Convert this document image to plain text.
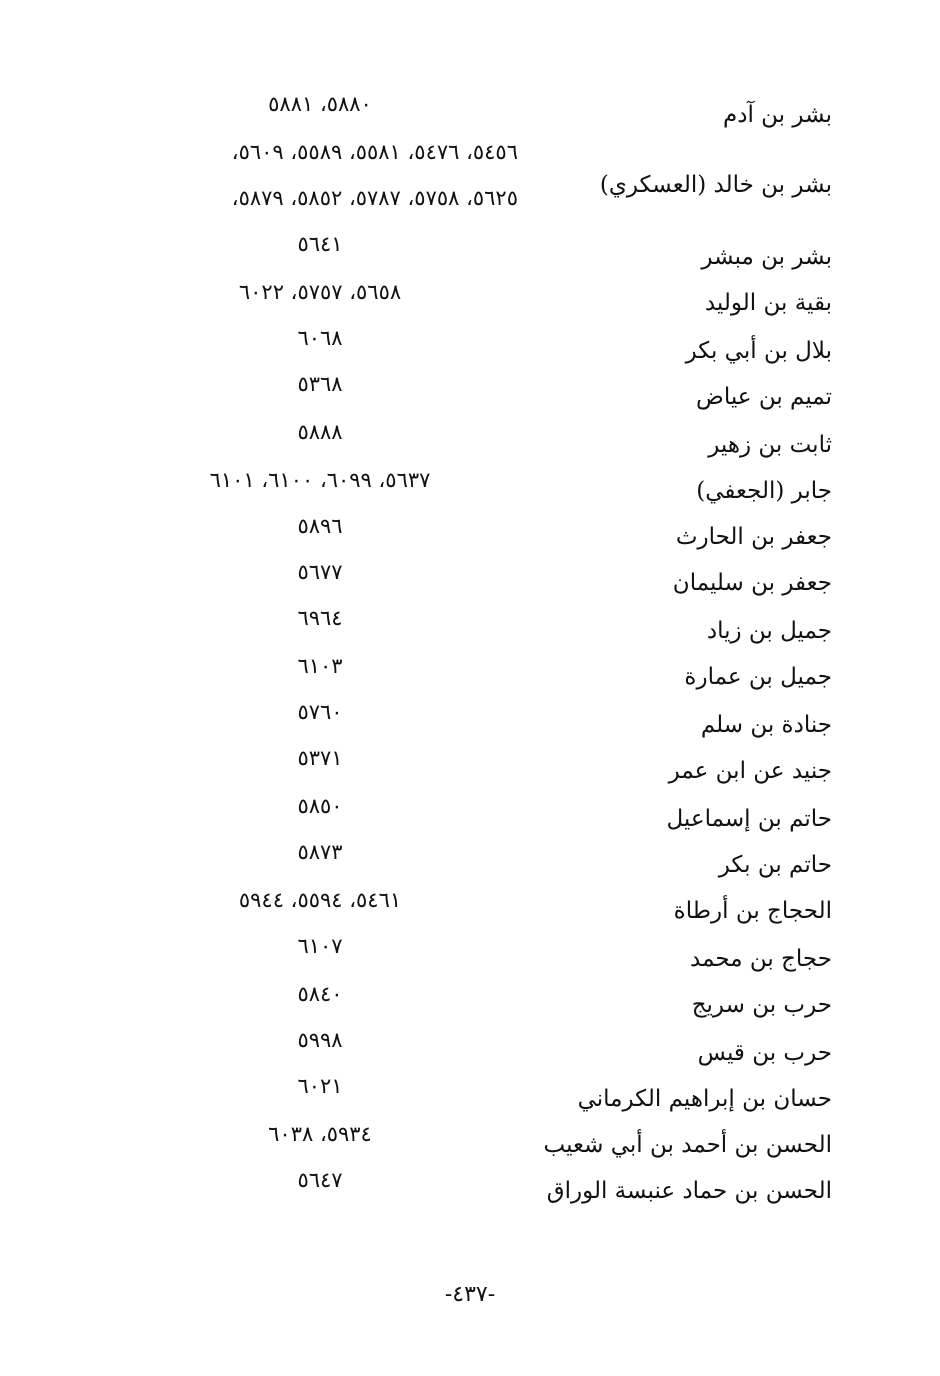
بشر بن آدم
٥٨٨٠، ٥٨٨١
بشر بن خالد (العسكري)
٥٤٥٦، ٥٤٧٦، ٥٥٨١، ٥٥٨٩، ٥٦٠٩،
٥٦٢٥، ٥٧٥٨، ٥٧٨٧، ٥٨٥٢، ٥٨٧٩،
بشر بن مبشر
٥٦٤١
بقية بن الوليد
٥٦٥٨، ٥٧٥٧، ٦٠٢٢
بلال بن أبي بكر
٦٠٦٨
تميم بن عياض
٥٣٦٨
ثابت بن زهير
٥٨٨٨
جابر (الجعفي)
٥٦٣٧، ٦٠٩٩، ٦١٠٠، ٦١٠١
جعفر بن الحارث
٥٨٩٦
جعفر بن سليمان
٥٦٧٧
جميل بن زياد
٦٩٦٤
جميل بن عمارة
٦١٠٣
جنادة بن سلم
٥٧٦٠
جنيد عن ابن عمر
٥٣٧١
حاتم بن إسماعيل
٥٨٥٠
حاتم بن بكر
٥٨٧٣
الحجاج بن أرطاة
٥٤٦١، ٥٥٩٤، ٥٩٤٤
حجاج بن محمد
٦١٠٧
حرب بن سريج
٥٨٤٠
حرب بن قيس
٥٩٩٨
حسان بن إبراهيم الكرماني
٦٠٢١
الحسن بن أحمد بن أبي شعيب
٥٩٣٤، ٦٠٣٨
الحسن بن حماد عنبسة الوراق
٥٦٤٧
-٤٣٧-
